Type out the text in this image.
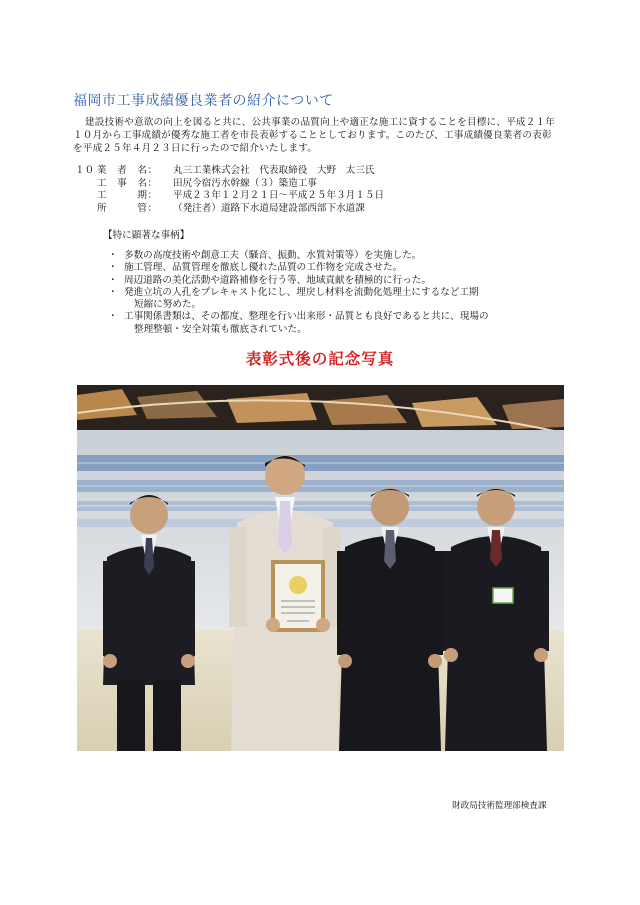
福岡市工事成績優良業者の紹介について

建設技術や意欲の向上を図ると共に、公共事業の品質向上や適正な施工に資することを目標に、平成２１年１０月から工事成績が優秀な施工者を市長表彰することとしております。このたび、工事成績優良業者の表彰を平成２５年４月２３日に行ったので紹介いたします。

１０ 業　者　名：	丸三工業株式会社　代表取締役　大野　太三氏
工　事　名：	田尻今宿汚水幹線（３）築造工事
工　　　期：	平成２３年１２月２１日～平成２５年３月１５日
所　　　管：	（発注者）道路下水道局建設部西部下水道課
【特に顕著な事柄】
・ 多数の高度技術や創意工夫（騒音、振動、水質対策等）を実施した。
・ 施工管理、品質管理を徹底し優れた品質の工作物を完成させた。
・ 周辺道路の美化活動や道路補修を行う等、地域貢献を積極的に行った。
・ 発進立坑の人孔をプレキャスト化にし、埋戻し材料を流動化処理土にするなど工期
短縮に努めた。
・ 工事関係書類は、その都度、整理を行い出来形・品質とも良好であると共に、現場の
整理整頓・安全対策も徹底されていた。
表彰式後の記念写真
財政局技術監理部検査課
